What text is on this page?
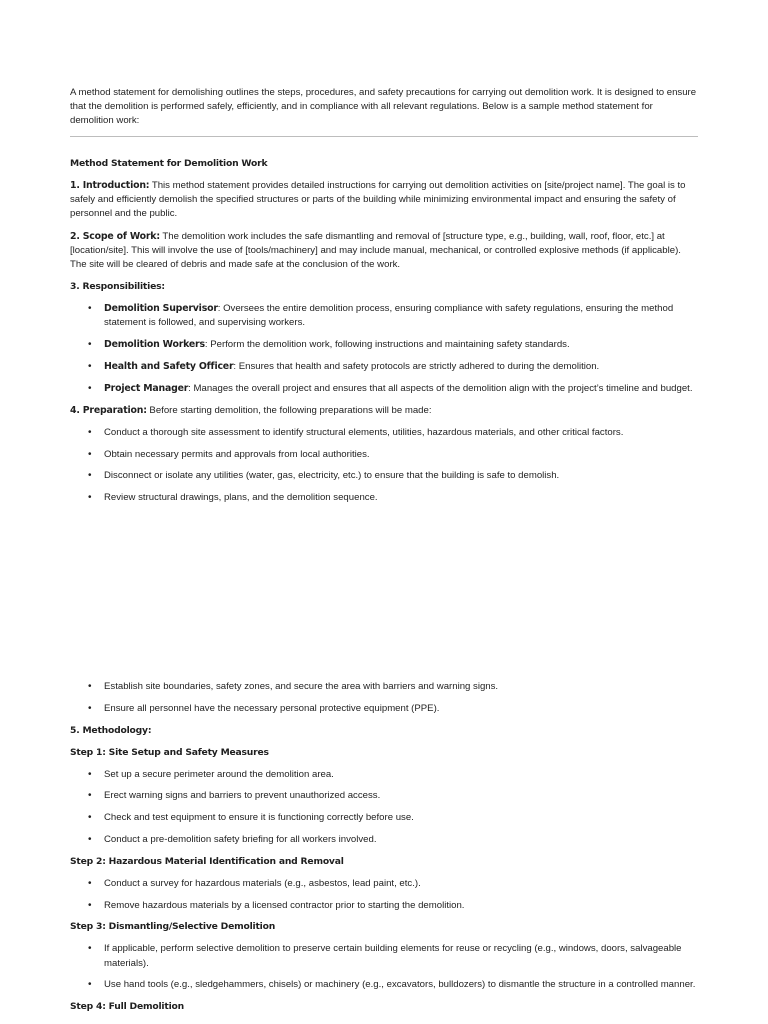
A method statement for demolishing outlines the steps, procedures, and safety precautions for carrying out demolition work. It is designed to ensure that the demolition is performed safely, efficiently, and in compliance with all relevant regulations. Below is a sample method statement for demolition work:

Method Statement for Demolition Work

1. Introduction: This method statement provides detailed instructions for carrying out demolition activities on [site/project name]. The goal is to safely and efficiently demolish the specified structures or parts of the building while minimizing environmental impact and ensuring the safety of personnel and the public.

2. Scope of Work: The demolition work includes the safe dismantling and removal of [structure type, e.g., building, wall, roof, floor, etc.] at [location/site]. This will involve the use of [tools/machinery] and may include manual, mechanical, or controlled explosive methods (if applicable). The site will be cleared of debris and made safe at the conclusion of the work.

3. Responsibilities:
• Demolition Supervisor: Oversees the entire demolition process, ensuring compliance with safety regulations, ensuring the method statement is followed, and supervising workers.
• Demolition Workers: Perform the demolition work, following instructions and maintaining safety standards.
• Health and Safety Officer: Ensures that health and safety protocols are strictly adhered to during the demolition.
• Project Manager: Manages the overall project and ensures that all aspects of the demolition align with the project’s timeline and budget.

4. Preparation: Before starting demolition, the following preparations will be made:

• Conduct a thorough site assessment to identify structural elements, utilities, hazardous materials, and other critical factors.
• Obtain necessary permits and approvals from local authorities.
• Disconnect or isolate any utilities (water, gas, electricity, etc.) to ensure that the building is safe to demolish.
• Review structural drawings, plans, and the demolition sequence.
• Establish site boundaries, safety zones, and secure the area with barriers and warning signs.
• Ensure all personnel have the necessary personal protective equipment (PPE).
5. Methodology:
Step 1: Site Setup and Safety Measures
• Set up a secure perimeter around the demolition area.
• Erect warning signs and barriers to prevent unauthorized access.
• Check and test equipment to ensure it is functioning correctly before use.
• Conduct a pre-demolition safety briefing for all workers involved.
Step 2: Hazardous Material Identification and Removal
• Conduct a survey for hazardous materials (e.g., asbestos, lead paint, etc.).
• Remove hazardous materials by a licensed contractor prior to starting the demolition.
Step 3: Dismantling/Selective Demolition
• If applicable, perform selective demolition to preserve certain building elements for reuse or recycling (e.g., windows, doors, salvageable materials).
• Use hand tools (e.g., sledgehammers, chisels) or machinery (e.g., excavators, bulldozers) to dismantle the structure in a controlled manner.
Step 4: Full Demolition
